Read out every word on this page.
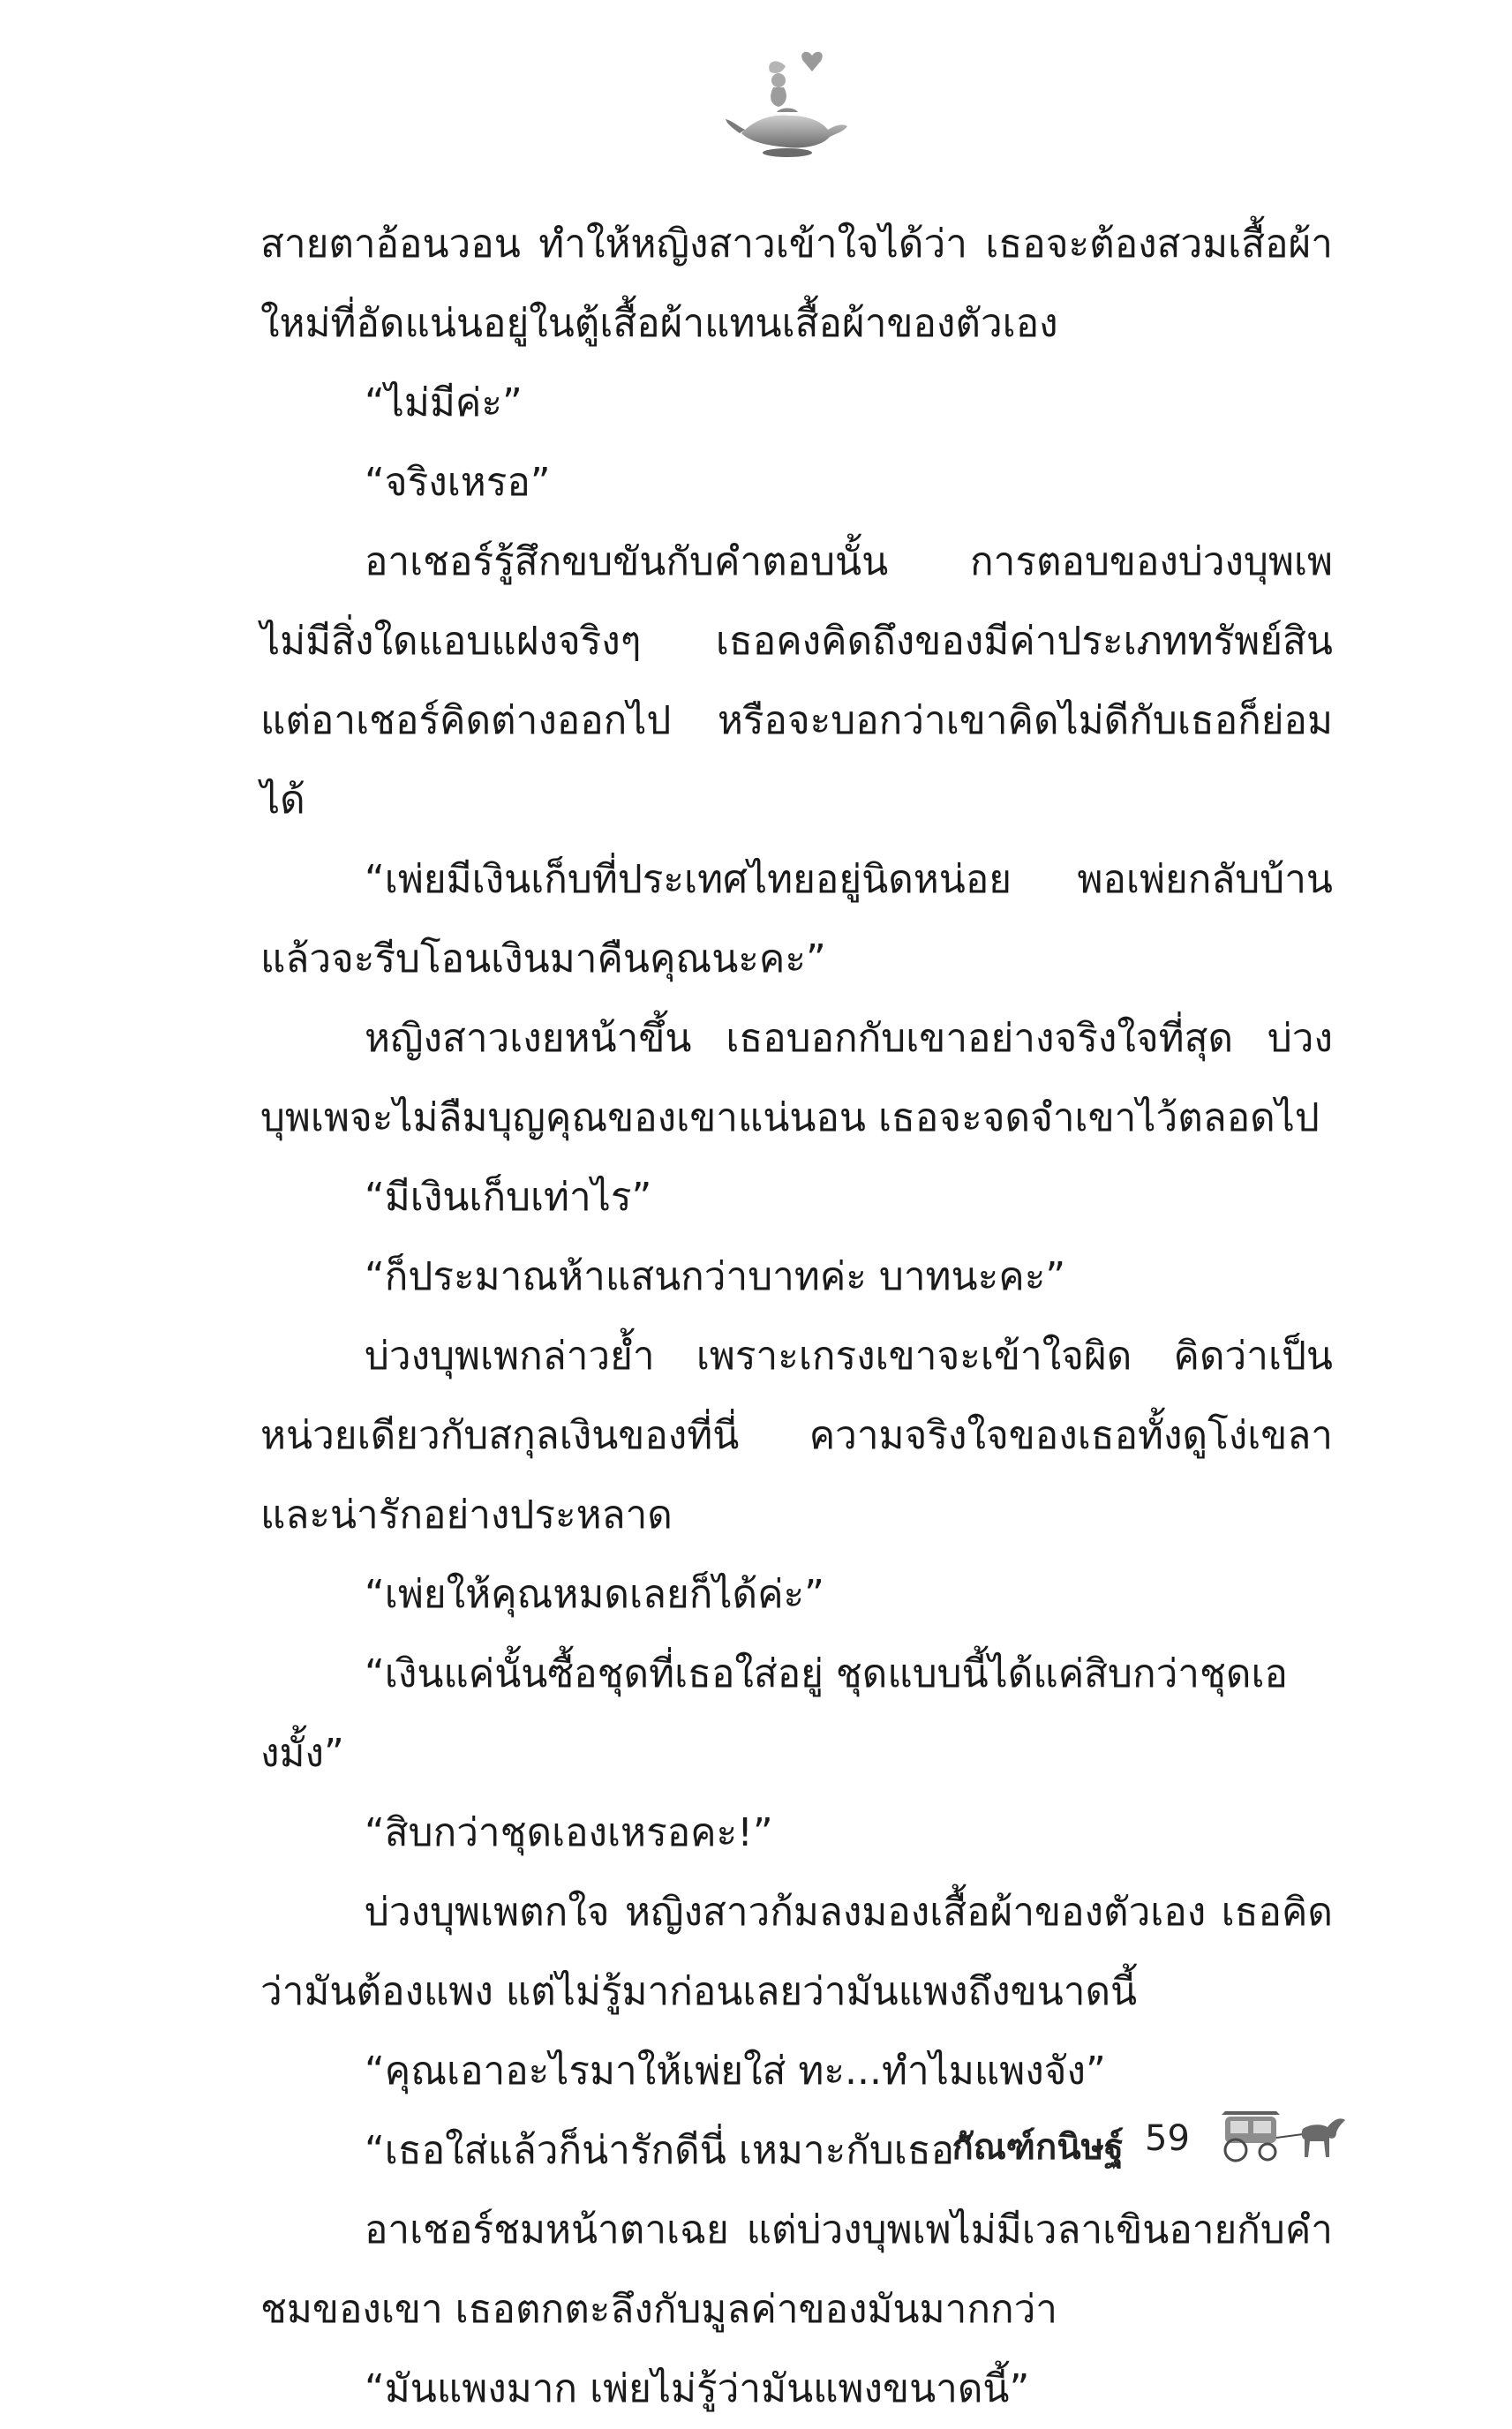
สายตาอ้อนวอน ทำให้หญิงสาวเข้าใจได้ว่า เธอจะต้องสวมเสื้อผ้าใหม่ที่อัดแน่นอยู่ในตู้เสื้อผ้าแทนเสื้อผ้าของตัวเอง

“ไม่มีค่ะ”

“จริงเหรอ”

อาเชอร์รู้สึกขบขันกับคำตอบนั้น การตอบของบ่วงบุพเพไม่มีสิ่งใดแอบแฝงจริงๆ เธอคงคิดถึงของมีค่าประเภททรัพย์สิน แต่อาเชอร์คิดต่างออกไป หรือจะบอกว่าเขาคิดไม่ดีกับเธอก็ย่อมได้

“เพ่ยมีเงินเก็บที่ประเทศไทยอยู่นิดหน่อย พอเพ่ยกลับบ้านแล้วจะรีบโอนเงินมาคืนคุณนะคะ”

หญิงสาวเงยหน้าขึ้น เธอบอกกับเขาอย่างจริงใจที่สุด บ่วงบุพเพจะไม่ลืมบุญคุณของเขาแน่นอน เธอจะจดจำเขาไว้ตลอดไป

“มีเงินเก็บเท่าไร”

“ก็ประมาณห้าแสนกว่าบาทค่ะ บาทนะคะ”

บ่วงบุพเพกล่าวย้ำ เพราะเกรงเขาจะเข้าใจผิด คิดว่าเป็นหน่วยเดียวกับสกุลเงินของที่นี่ ความจริงใจของเธอทั้งดูโง่เขลาและน่ารักอย่างประหลาด

“เพ่ยให้คุณหมดเลยก็ได้ค่ะ”

“เงินแค่นั้นซื้อชุดที่เธอใส่อยู่ ชุดแบบนี้ได้แค่สิบกว่าชุดเองมั้ง”

“สิบกว่าชุดเองเหรอคะ!”

บ่วงบุพเพตกใจ หญิงสาวก้มลงมองเสื้อผ้าของตัวเอง เธอคิดว่ามันต้องแพง แต่ไม่รู้มาก่อนเลยว่ามันแพงถึงขนาดนี้

“คุณเอาอะไรมาให้เพ่ยใส่ ทะ...ทำไมแพงจัง”

“เธอใส่แล้วก็น่ารักดีนี่ เหมาะกับเธอ”

อาเชอร์ชมหน้าตาเฉย แต่บ่วงบุพเพไม่มีเวลาเขินอายกับคำชมของเขา เธอตกตะลึงกับมูลค่าของมันมากกว่า

“มันแพงมาก เพ่ยไม่รู้ว่ามันแพงขนาดนี้”

กัณฑ์กนิษฐ์ 59
